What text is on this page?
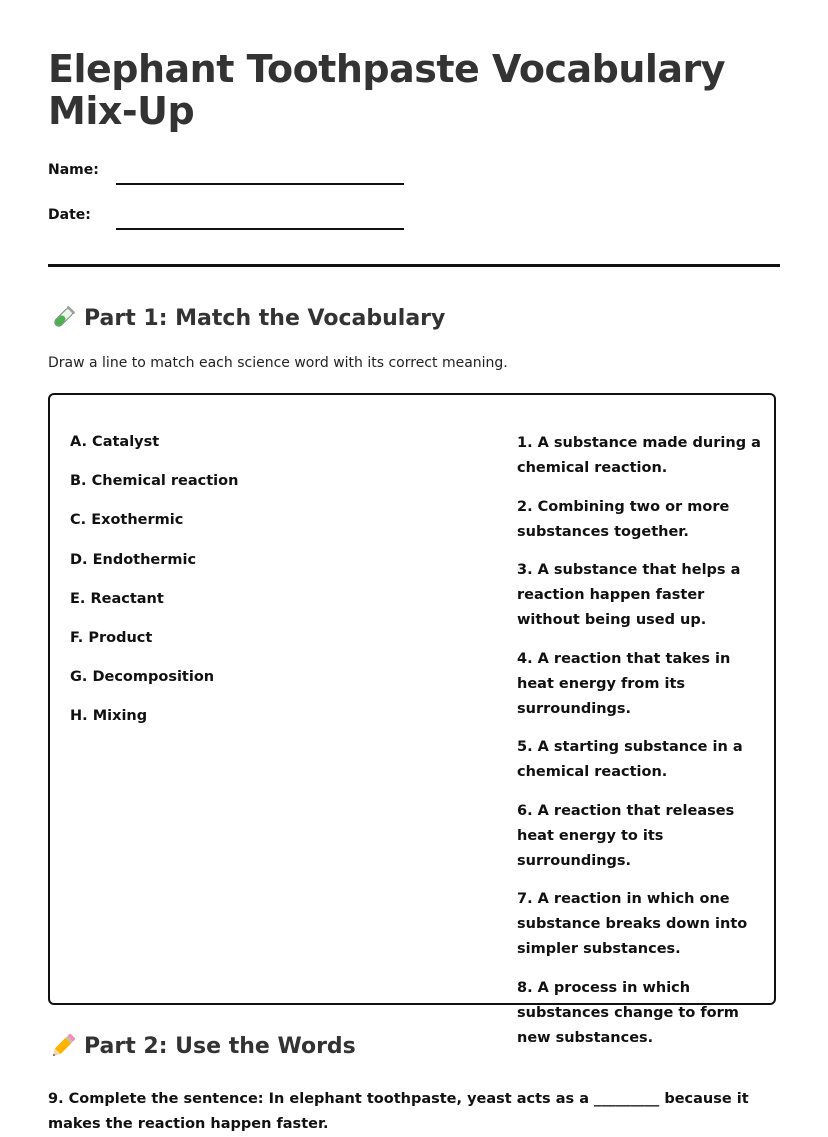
Elephant Toothpaste Vocabulary Mix-Up
Name:
Date:
Part 1: Match the Vocabulary

Draw a line to match each science word with its correct meaning.

A. Catalyst
B. Chemical reaction
C. Exothermic
D. Endothermic
E. Reactant
F. Product
G. Decomposition
H. Mixing
1. A substance made during a chemical reaction.
2. Combining two or more substances together.
3. A substance that helps a reaction happen faster without being used up.
4. A reaction that takes in heat energy from its surroundings.
5. A starting substance in a chemical reaction.
6. A reaction that releases heat energy to its surroundings.
7. A reaction in which one substance breaks down into simpler substances.
8. A process in which substances change to form new substances.
Part 2: Use the Words

9. Complete the sentence: In elephant toothpaste, yeast acts as a _________ because it makes the reaction happen faster.
